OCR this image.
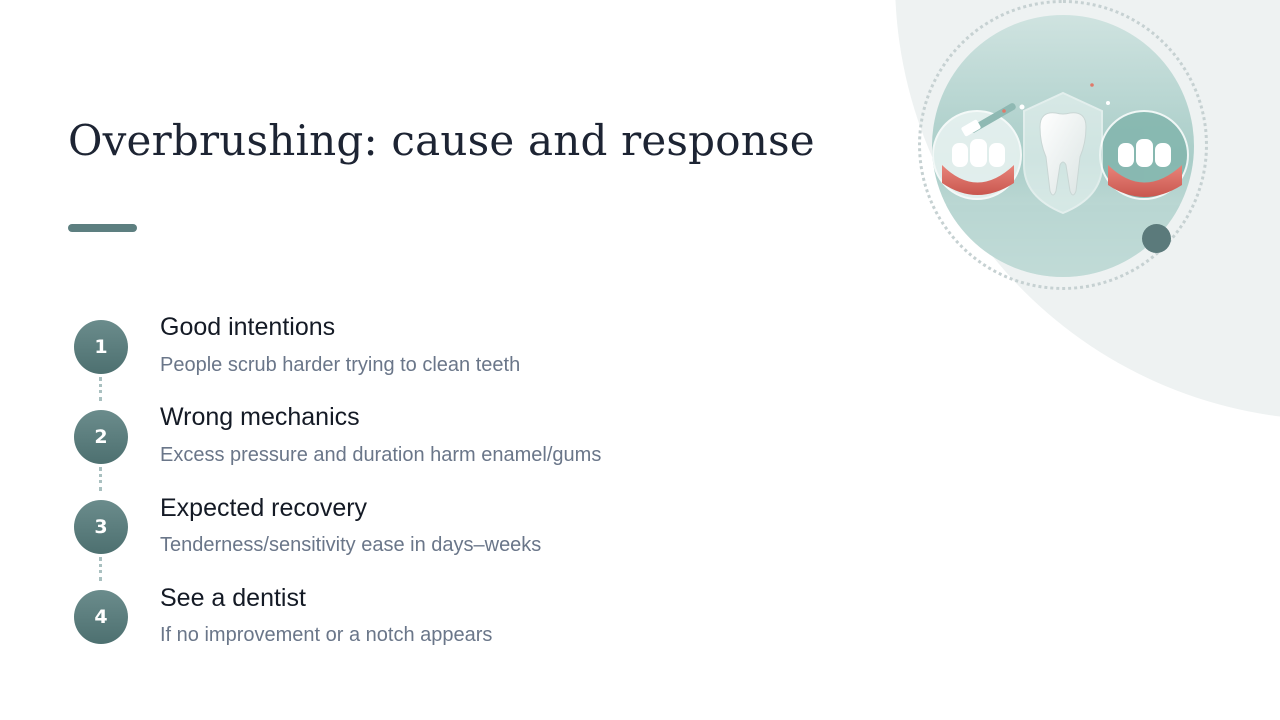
Overbrushing: cause and response
1
Good intentions

People scrub harder trying to clean teeth

2
Wrong mechanics

Excess pressure and duration harm enamel/gums

3
Expected recovery

Tenderness/sensitivity ease in days–weeks

4
See a dentist

If no improvement or a notch appears
